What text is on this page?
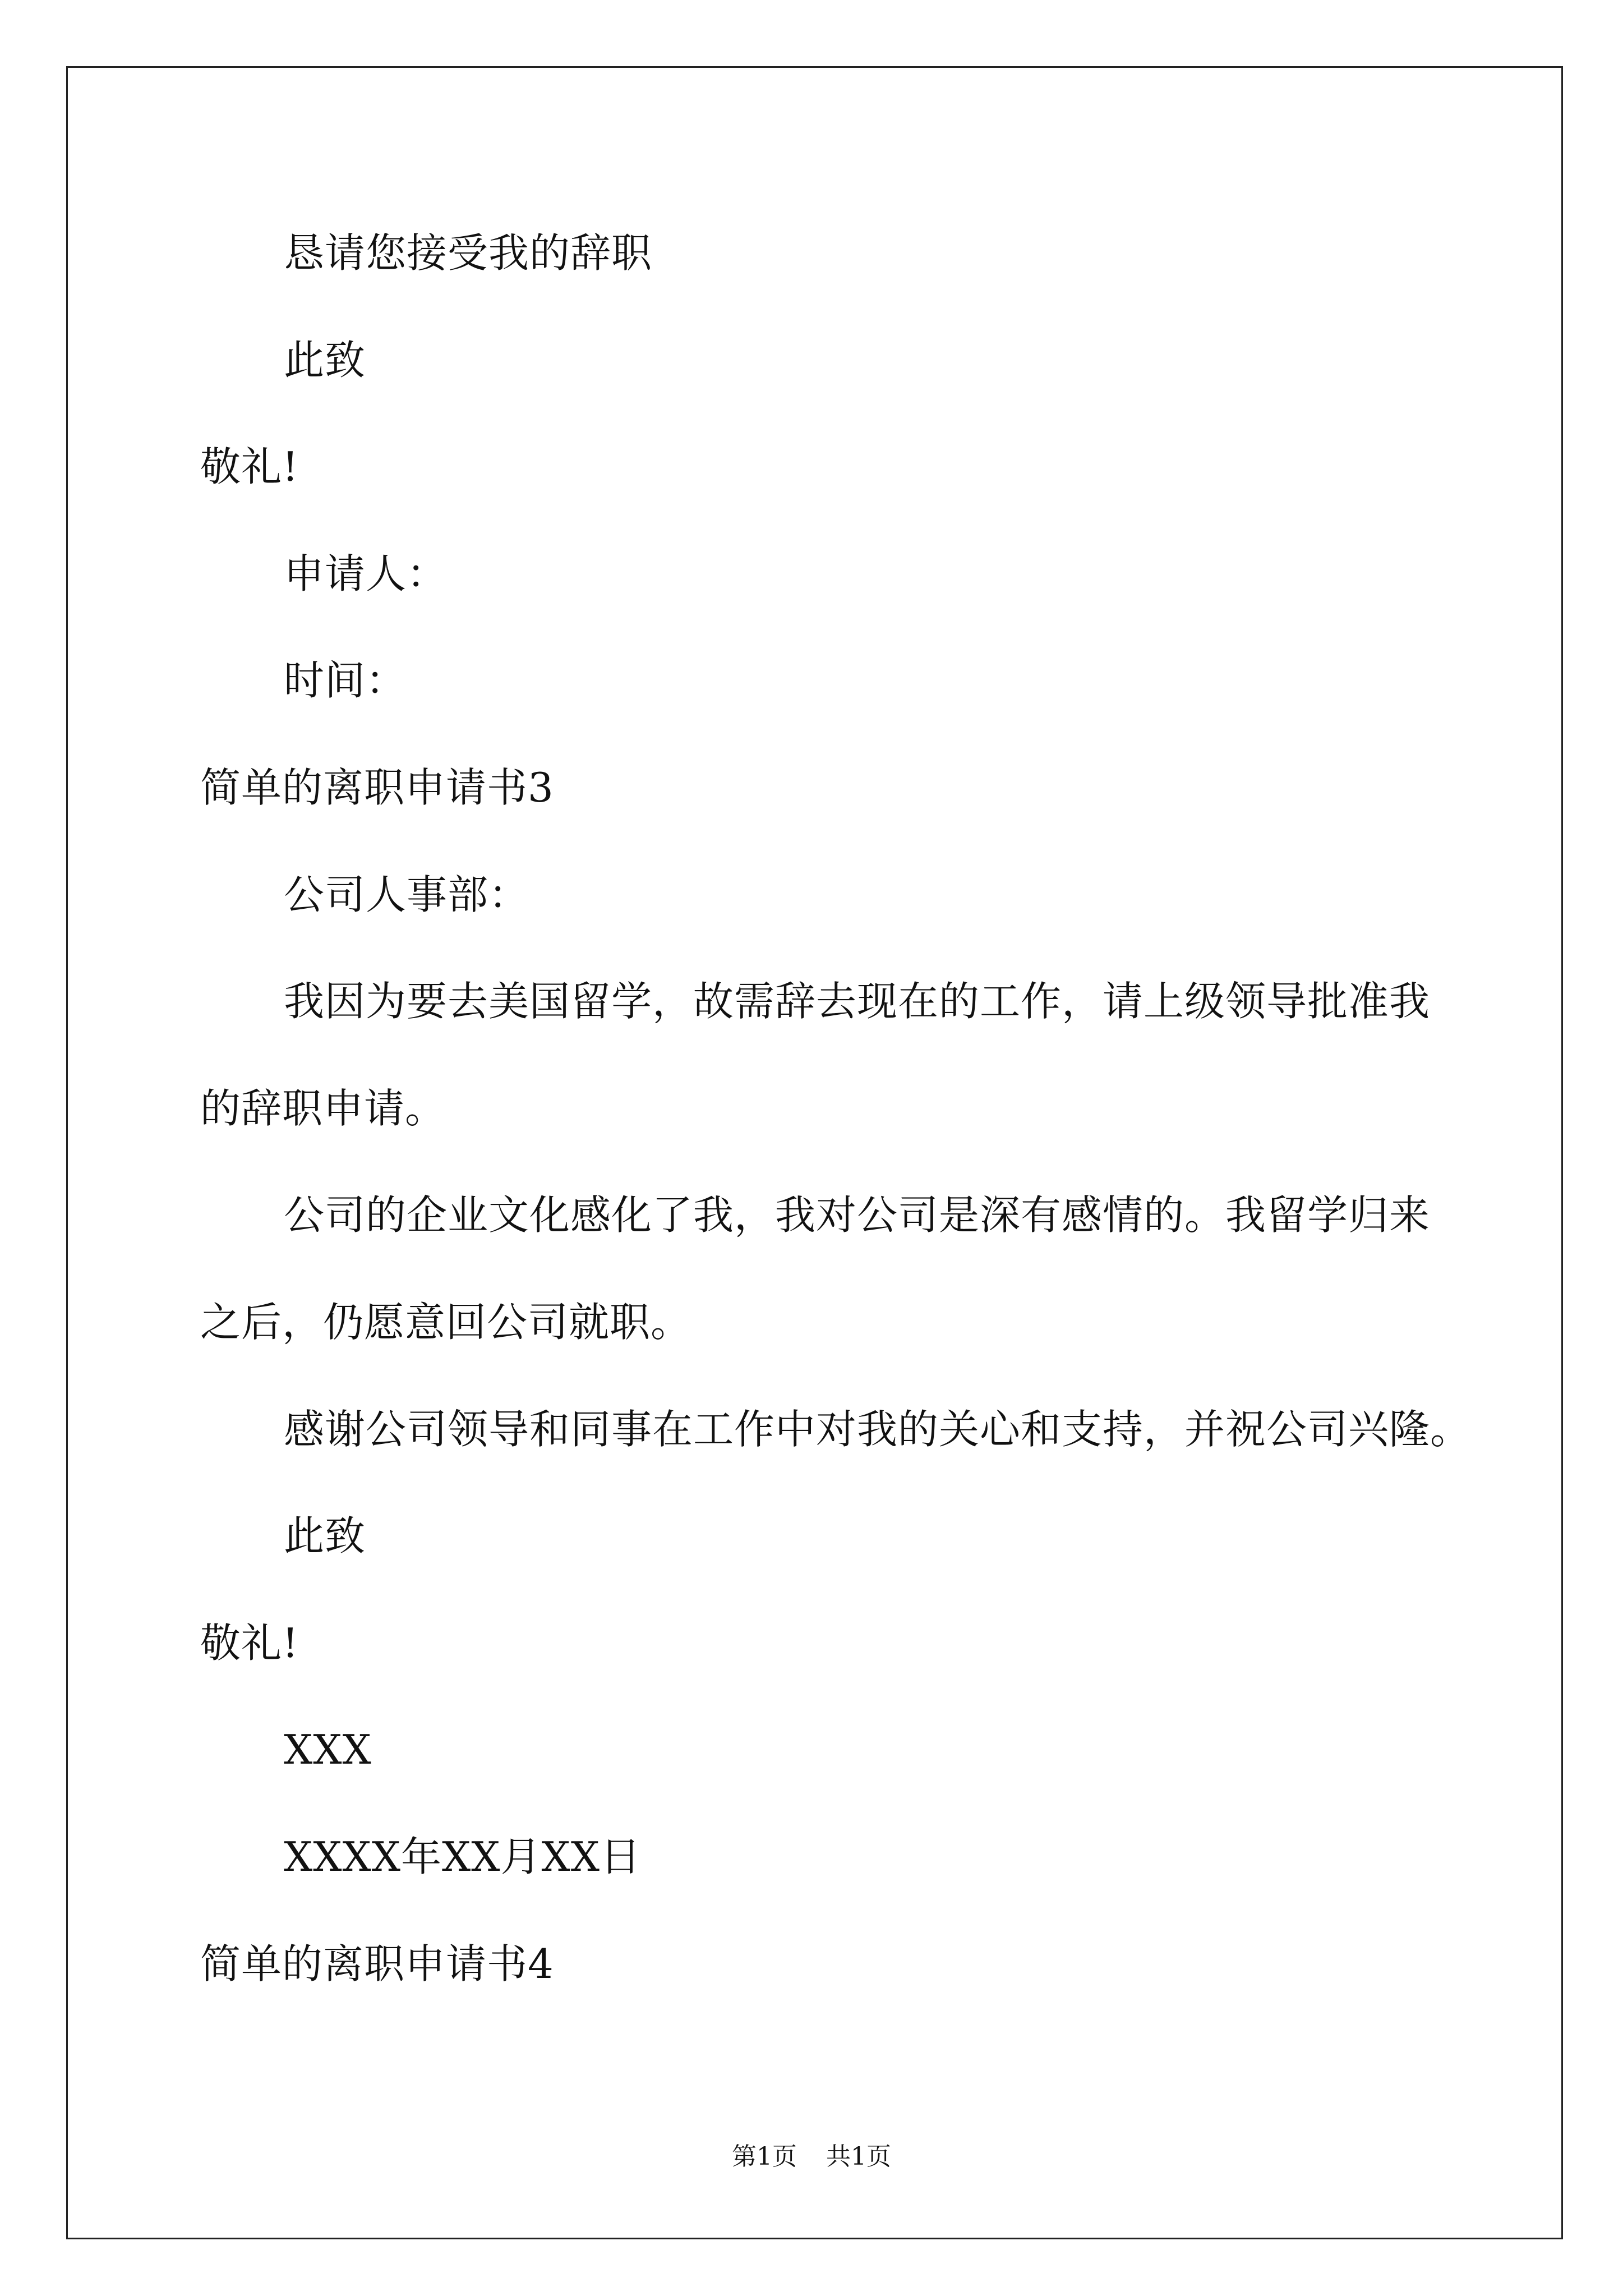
恳请您接受我的辞职

此致

敬礼!

申请人：

时间：

简单的离职申请书3

公司人事部：

我因为要去美国留学，故需辞去现在的工作，请上级领导批准我

的辞职申请。

公司的企业文化感化了我，我对公司是深有感情的。我留学归来

之后，仍愿意回公司就职。

感谢公司领导和同事在工作中对我的关心和支持，并祝公司兴隆。

此致

敬礼!

XXX

XXXX年XX月XX日

简单的离职申请书4

第1页 共1页
